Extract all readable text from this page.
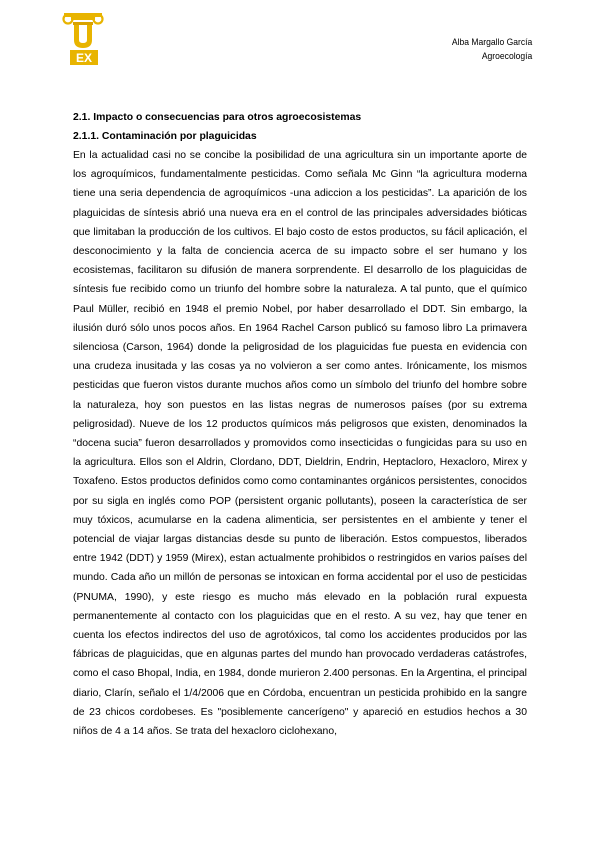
EX
Alba Margallo García
Agroecología
2.1. Impacto o consecuencias para otros agroecosistemas
2.1.1. Contaminación por plaguicidas

En la actualidad casi no se concibe la posibilidad de una agricultura sin un importante aporte de los agroquímicos, fundamentalmente pesticidas. Como señala Mc Ginn “la agricultura moderna tiene una seria dependencia de agroquímicos -una adiccion a los pesticidas”. La aparición de los plaguicidas de síntesis abrió una nueva era en el control de las principales adversidades bióticas que limitaban la producción de los cultivos. El bajo costo de estos productos, su fácil aplicación, el desconocimiento y la falta de conciencia acerca de su impacto sobre el ser humano y los ecosistemas, facilitaron su difusión de manera sorprendente. El desarrollo de los plaguicidas de síntesis fue recibido como un triunfo del hombre sobre la naturaleza. A tal punto, que el químico Paul Müller, recibió en 1948 el premio Nobel, por haber desarrollado el DDT. Sin embargo, la ilusión duró sólo unos pocos años. En 1964 Rachel Carson publicó su famoso libro La primavera silenciosa (Carson, 1964) donde la peligrosidad de los plaguicidas fue puesta en evidencia con una crudeza inusitada y las cosas ya no volvieron a ser como antes. Irónicamente, los mismos pesticidas que fueron vistos durante muchos años como un símbolo del triunfo del hombre sobre la naturaleza, hoy son puestos en las listas negras de numerosos países (por su extrema peligrosidad). Nueve de los 12 productos químicos más peligrosos que existen, denominados la “docena sucia” fueron desarrollados y promovidos como insecticidas o fungicidas para su uso en la agricultura. Ellos son el Aldrin, Clordano, DDT, Dieldrin, Endrin, Heptacloro, Hexacloro, Mirex y Toxafeno. Estos productos definidos como como contaminantes orgánicos persistentes, conocidos por su sigla en inglés como POP (persistent organic pollutants), poseen la característica de ser muy tóxicos, acumularse en la cadena alimenticia, ser persistentes en el ambiente y tener el potencial de viajar largas distancias desde su punto de liberación. Estos compuestos, liberados entre 1942 (DDT) y 1959 (Mirex), estan actualmente prohibidos o restringidos en varios países del mundo. Cada año un millón de personas se intoxican en forma accidental por el uso de pesticidas (PNUMA, 1990), y este riesgo es mucho más elevado en la población rural expuesta permanentemente al contacto con los plaguicidas que en el resto. A su vez, hay que tener en cuenta los efectos indirectos del uso de agrotóxicos, tal como los accidentes producidos por las fábricas de plaguicidas, que en algunas partes del mundo han provocado verdaderas catástrofes, como el caso Bhopal, India, en 1984, donde murieron 2.400 personas. En la Argentina, el principal diario, Clarín, señalo el 1/4/2006 que en Córdoba, encuentran un pesticida prohibido en la sangre de 23 chicos cordobeses. Es "posiblemente cancerígeno" y apareció en estudios hechos a 30 niños de 4 a 14 años. Se trata del hexacloro ciclohexano,
